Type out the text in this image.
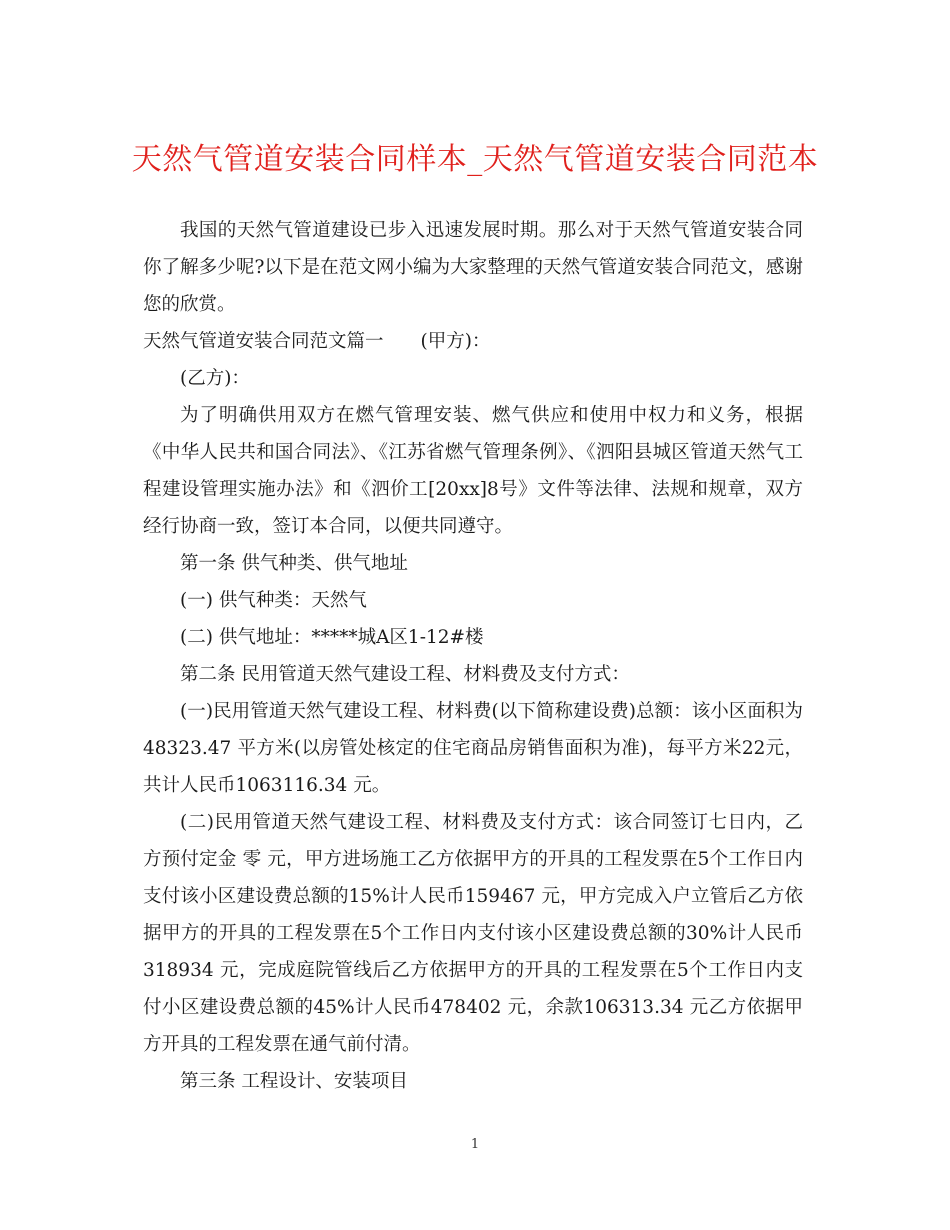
天然气管道安装合同样本_天然气管道安装合同范本

我国的天然气管道建设已步入迅速发展时期。那么对于天然气管道安装合同你了解多少呢?以下是在范文网小编为大家整理的天然气管道安装合同范文，感谢您的欣赏。

天然气管道安装合同范文篇一　　(甲方)：

(乙方)：

为了明确供用双方在燃气管理安装、燃气供应和使用中权力和义务，根据《中华人民共和国合同法》、《江苏省燃气管理条例》、《泗阳县城区管道天然气工程建设管理实施办法》和《泗价工[20xx]8号》文件等法律、法规和规章，双方经行协商一致，签订本合同，以便共同遵守。

第一条 供气种类、供气地址

(一) 供气种类：天然气

(二) 供气地址：*****城A区1-12#楼

第二条 民用管道天然气建设工程、材料费及支付方式：

(一)民用管道天然气建设工程、材料费(以下简称建设费)总额：该小区面积为48323.47 平方米(以房管处核定的住宅商品房销售面积为准)，每平方米22元，共计人民币1063116.34 元。

(二)民用管道天然气建设工程、材料费及支付方式：该合同签订七日内，乙方预付定金 零 元，甲方进场施工乙方依据甲方的开具的工程发票在5个工作日内支付该小区建设费总额的15%计人民币159467 元，甲方完成入户立管后乙方依据甲方的开具的工程发票在5个工作日内支付该小区建设费总额的30%计人民币318934 元，完成庭院管线后乙方依据甲方的开具的工程发票在5个工作日内支付小区建设费总额的45%计人民币478402 元，余款106313.34 元乙方依据甲方开具的工程发票在通气前付清。

第三条 工程设计、安装项目

1
